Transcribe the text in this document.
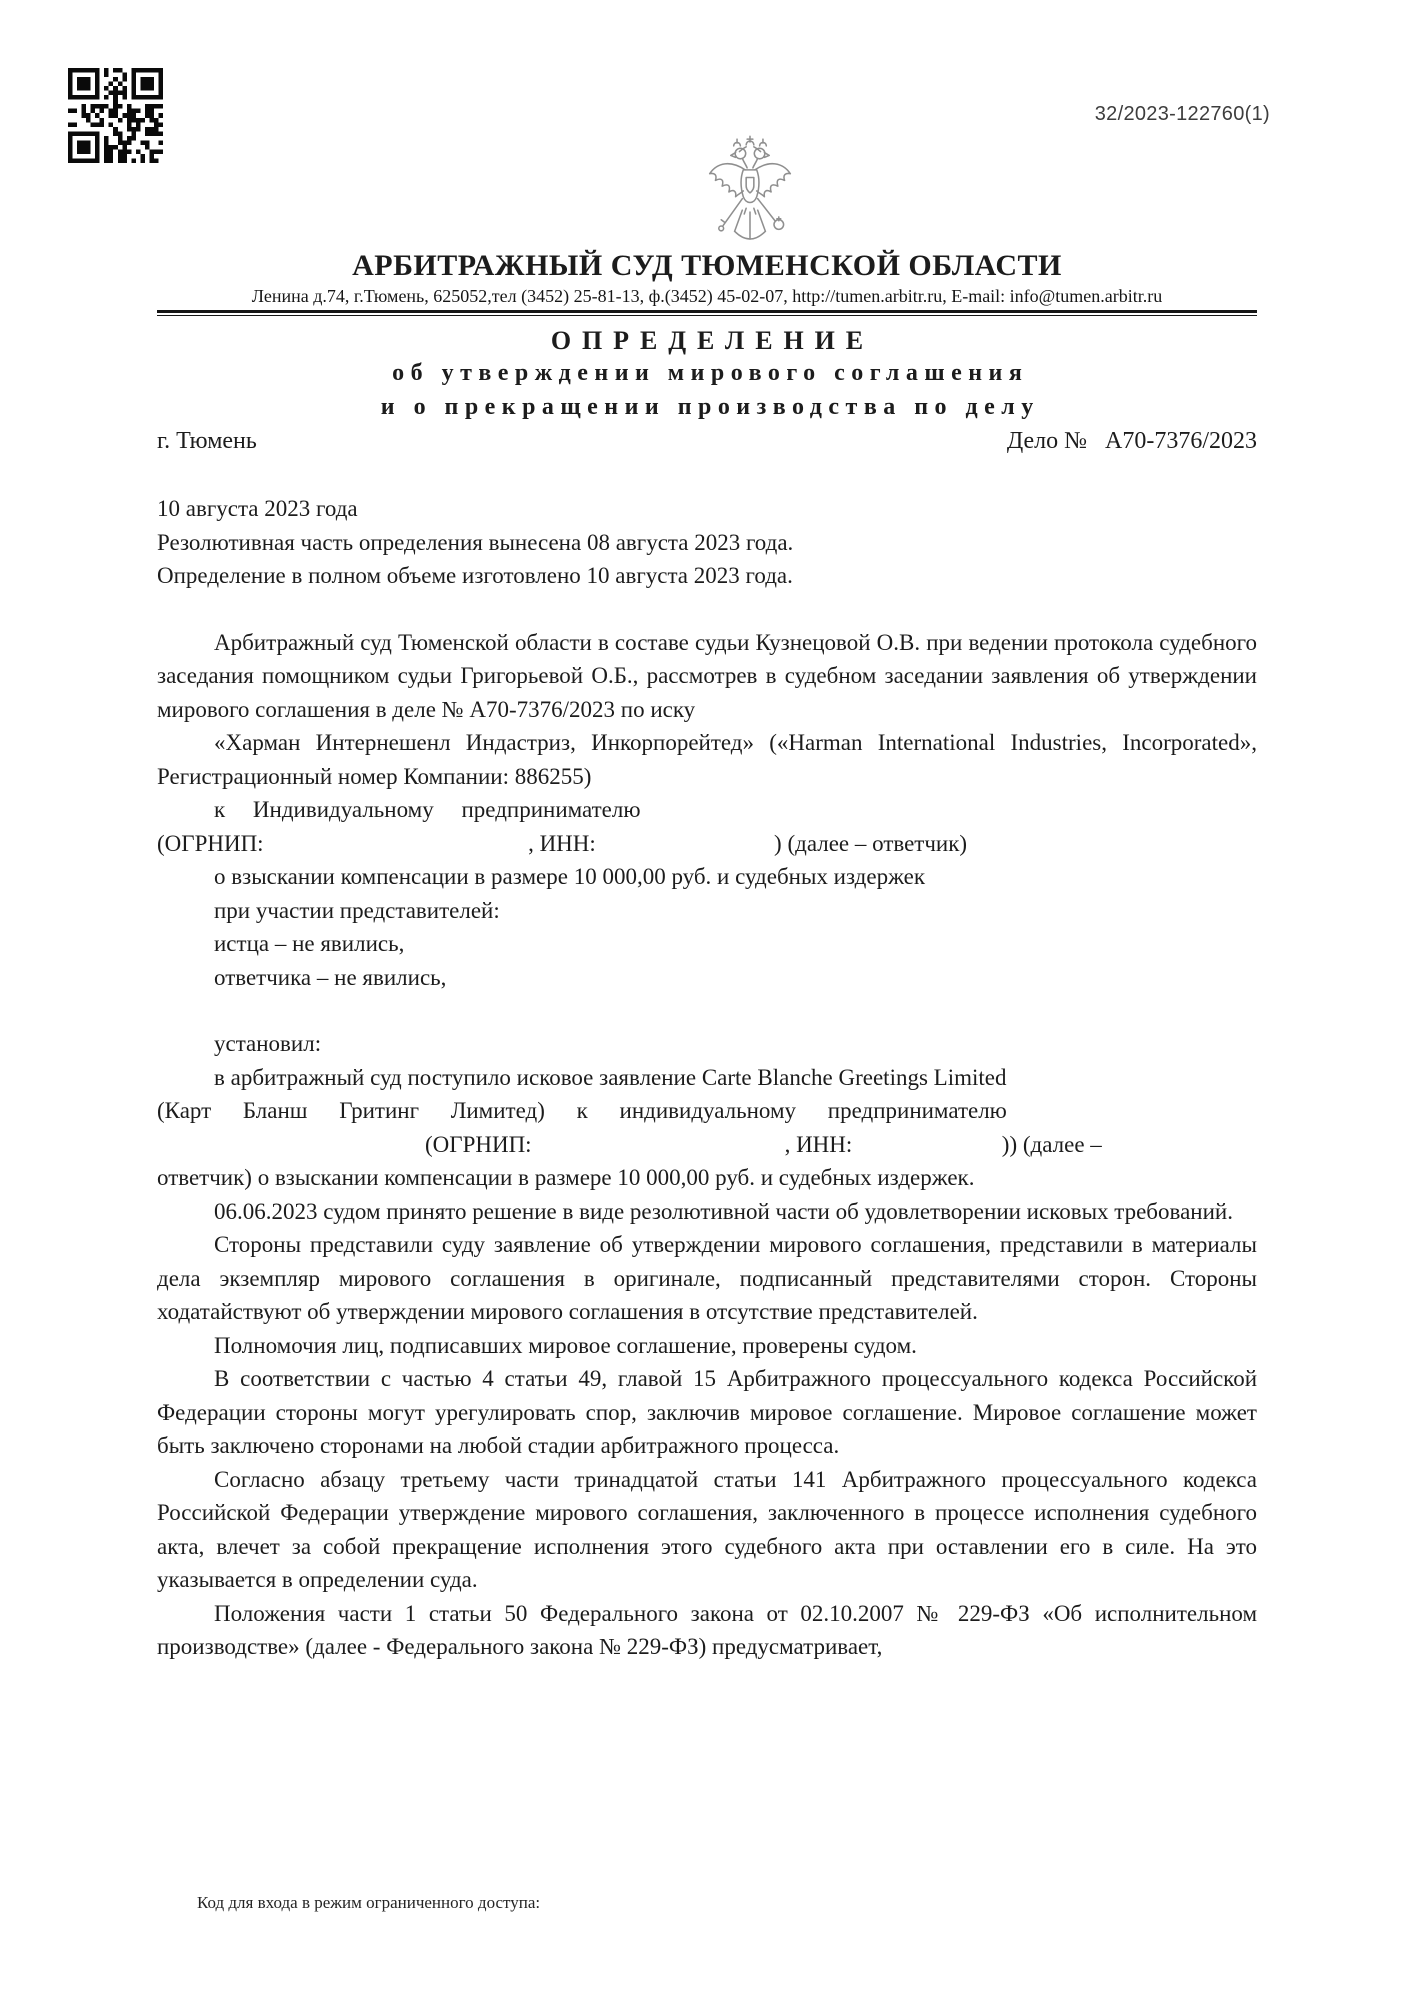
32/2023-122760(1)
АРБИТРАЖНЫЙ СУД ТЮМЕНСКОЙ ОБЛАСТИ
Ленина д.74, г.Тюмень, 625052,тел (3452) 25-81-13, ф.(3452) 45-02-07, http://tumen.arbitr.ru, E-mail: info@tumen.arbitr.ru
ОПРЕДЕЛЕНИЕ
об утверждении мирового соглашения
и о прекращении производства по делу
г. Тюмень	Дело №   А70-7376/2023

10 августа 2023 года

Резолютивная часть определения вынесена 08 августа 2023 года.

Определение в полном объеме изготовлено 10 августа 2023 года.

Арбитражный суд Тюменской области в составе судьи Кузнецовой О.В. при ведении протокола судебного заседания помощником судьи Григорьевой О.Б., рассмотрев в судебном заседании заявления об утверждении мирового соглашения в деле № А70-7376/2023 по иску

«Харман Интернешенл Индастриз, Инкорпорейтед» («Harman International Industries, Incorporated», Регистрационный номер Компании: 886255)

к Индивидуальному предпринимателю

(ОГРНИП:                                              , ИНН:                               ) (далее – ответчик)

о взыскании компенсации в размере 10 000,00 руб. и судебных издержек

при участии представителей:

истца – не явились,

ответчика – не явились,

установил:

в арбитражный суд поступило исковое заявление Carte Blanche Greetings Limited

(Карт Бланш Гритинг Лимитед) к индивидуальному предпринимателю

(ОГРНИП:                                            , ИНН:                          )) (далее –

ответчик) о взыскании компенсации в размере 10 000,00 руб. и судебных издержек.

06.06.2023 судом принято решение в виде резолютивной части об удовлетворении исковых требований.

Стороны представили суду заявление об утверждении мирового соглашения, представили в материалы дела экземпляр мирового соглашения в оригинале, подписанный представителями сторон. Стороны ходатайствуют об утверждении мирового соглашения в отсутствие представителей.

Полномочия лиц, подписавших мировое соглашение, проверены судом.

В соответствии с частью 4 статьи 49, главой 15 Арбитражного процессуального кодекса Российской Федерации стороны могут урегулировать спор, заключив мировое соглашение. Мировое соглашение может быть заключено сторонами на любой стадии арбитражного процесса.

Согласно абзацу третьему части тринадцатой статьи 141 Арбитражного процессуального кодекса Российской Федерации утверждение мирового соглашения, заключенного в процессе исполнения судебного акта, влечет за собой прекращение исполнения этого судебного акта при оставлении его в силе. На это указывается в определении суда.

Положения части 1 статьи 50 Федерального закона от 02.10.2007 № 229-ФЗ «Об исполнительном производстве» (далее - Федерального закона № 229-ФЗ) предусматривает,

Код для входа в режим ограниченного доступа:
